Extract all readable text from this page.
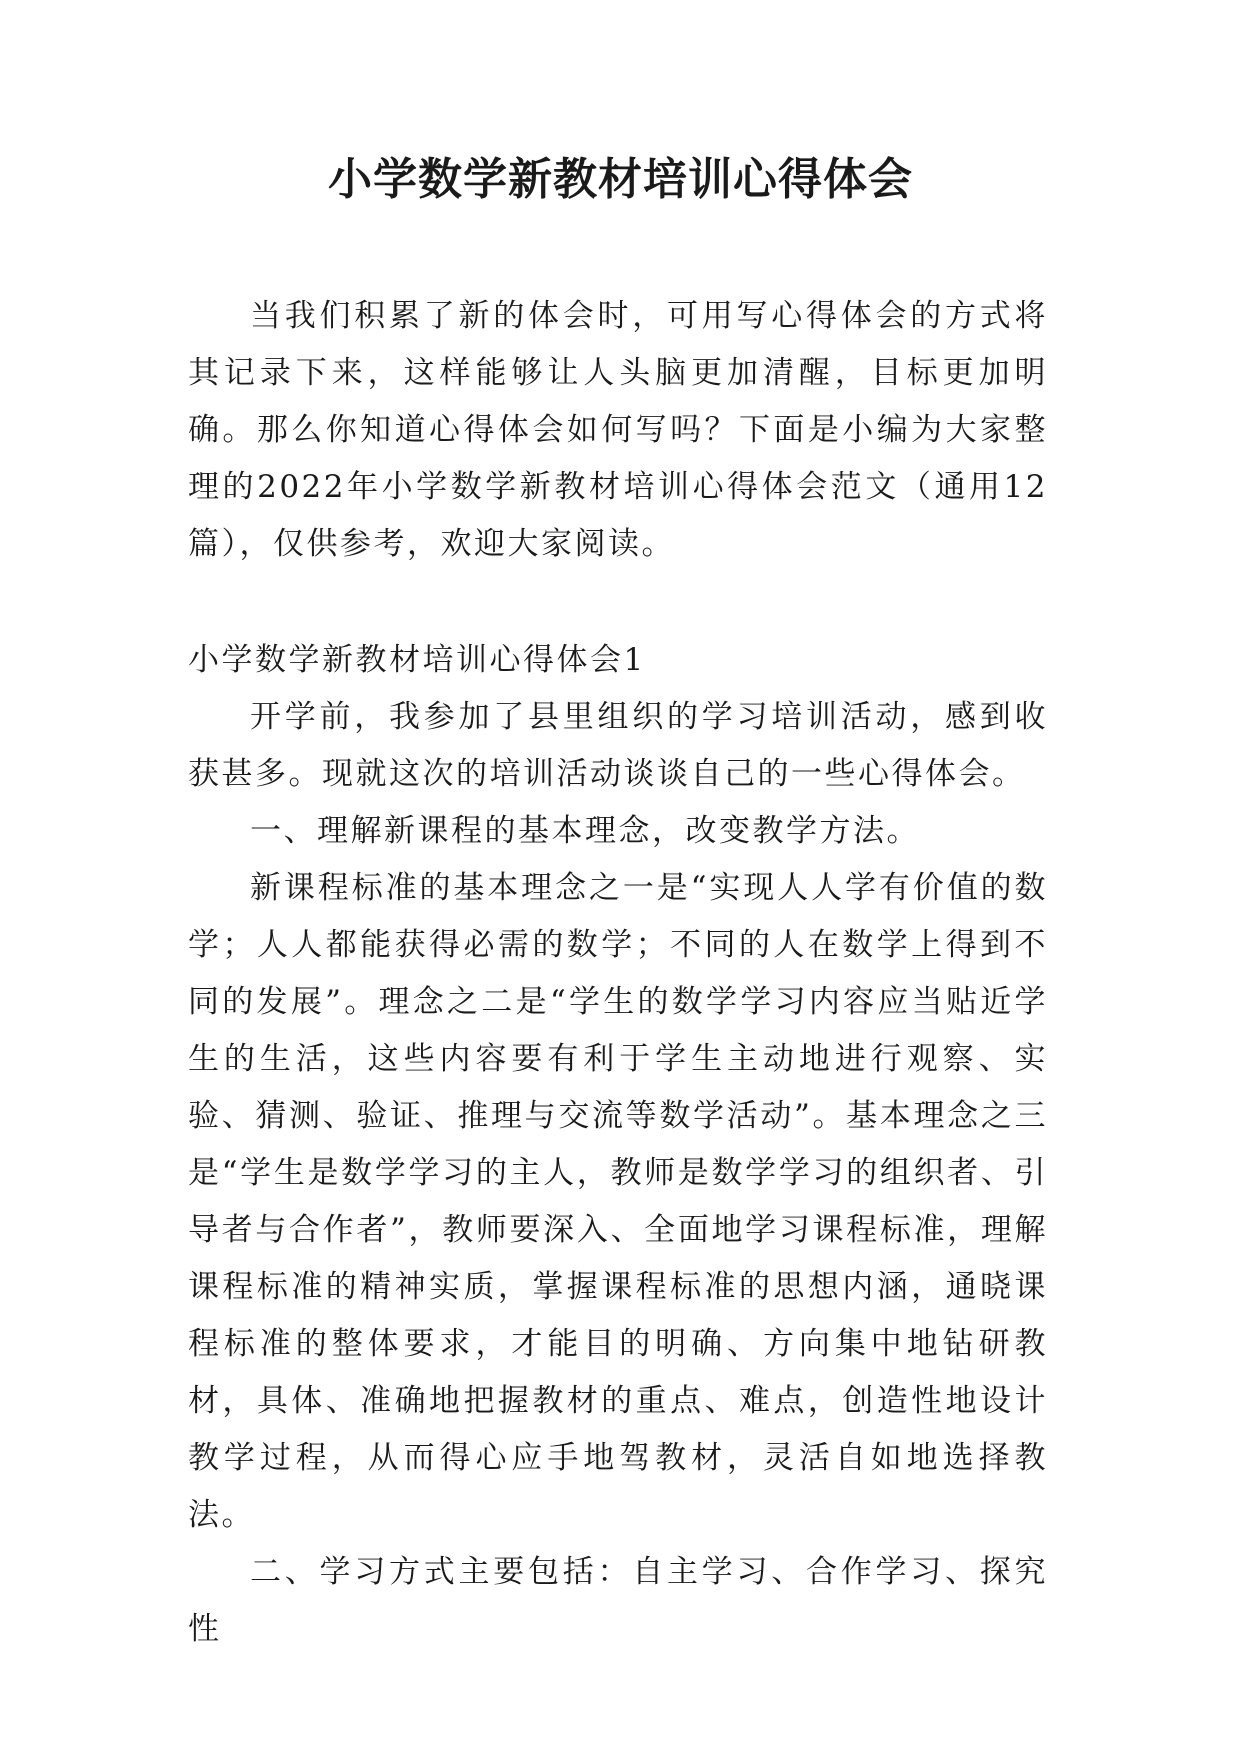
小学数学新教材培训心得体会

当我们积累了新的体会时，可用写心得体会的方式将其记录下来，这样能够让人头脑更加清醒，目标更加明确。那么你知道心得体会如何写吗？下面是小编为大家整理的2022年小学数学新教材培训心得体会范文（通用12篇），仅供参考，欢迎大家阅读。

小学数学新教材培训心得体会1

开学前，我参加了县里组织的学习培训活动，感到收获甚多。现就这次的培训活动谈谈自己的一些心得体会。

一、理解新课程的基本理念，改变教学方法。

新课程标准的基本理念之一是“实现人人学有价值的数学；人人都能获得必需的数学；不同的人在数学上得到不同的发展”。理念之二是“学生的数学学习内容应当贴近学生的生活，这些内容要有利于学生主动地进行观察、实验、猜测、验证、推理与交流等数学活动”。基本理念之三是“学生是数学学习的主人，教师是数学学习的组织者、引导者与合作者”，教师要深入、全面地学习课程标准，理解课程标准的精神实质，掌握课程标准的思想内涵，通晓课程标准的整体要求，才能目的明确、方向集中地钻研教材，具体、准确地把握教材的重点、难点，创造性地设计教学过程，从而得心应手地驾教材，灵活自如地选择教法。

二、学习方式主要包括：自主学习、合作学习、探究性
